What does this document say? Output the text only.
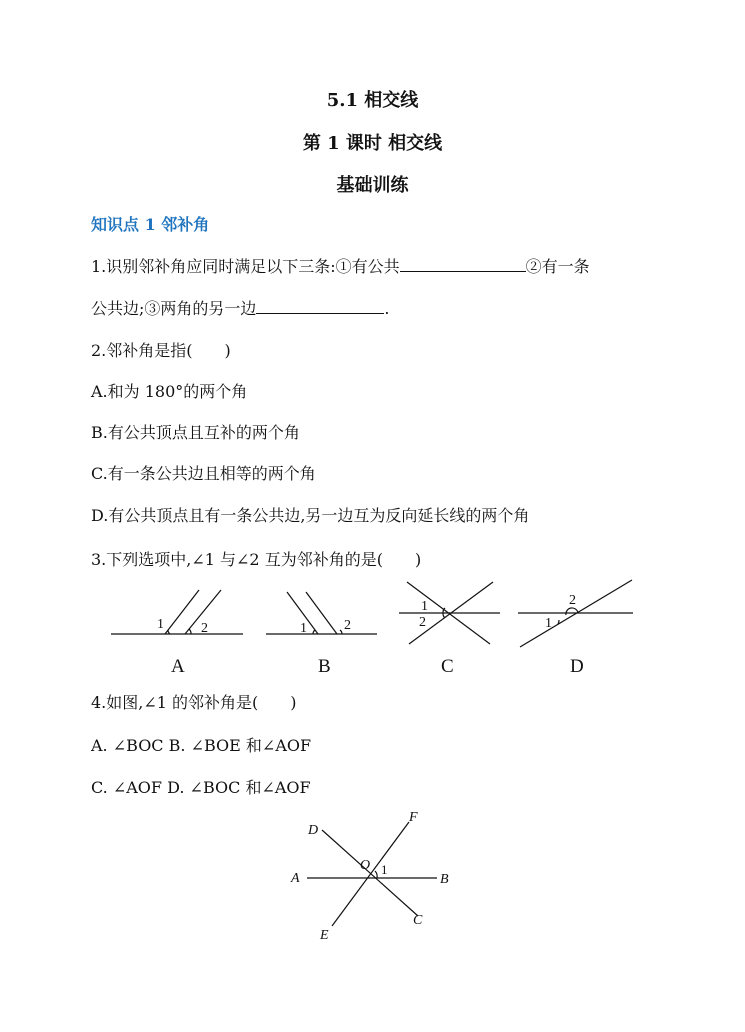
5.1 相交线
第 1 课时 相交线
基础训练
知识点 1 邻补角
1.识别邻补角应同时满足以下三条:①有公共	②有一条
公共边;③两角的另一边	.
2.邻补角是指(　　)
A.和为 180°的两个角
B.有公共顶点且互补的两个角
C.有一条公共边且相等的两个角
D.有公共顶点且有一条公共边,另一边互为反向延长线的两个角
3.下列选项中,∠1 与∠2 互为邻补角的是(　　)
1	2
A
1	2
B
1
2
C
1
2
D
4.如图,∠1 的邻补角是(　　)
A. ∠BOC B. ∠BOE 和∠AOF
C. ∠AOF D. ∠BOC 和∠AOF
A	B
C
D
E
F
O 1
